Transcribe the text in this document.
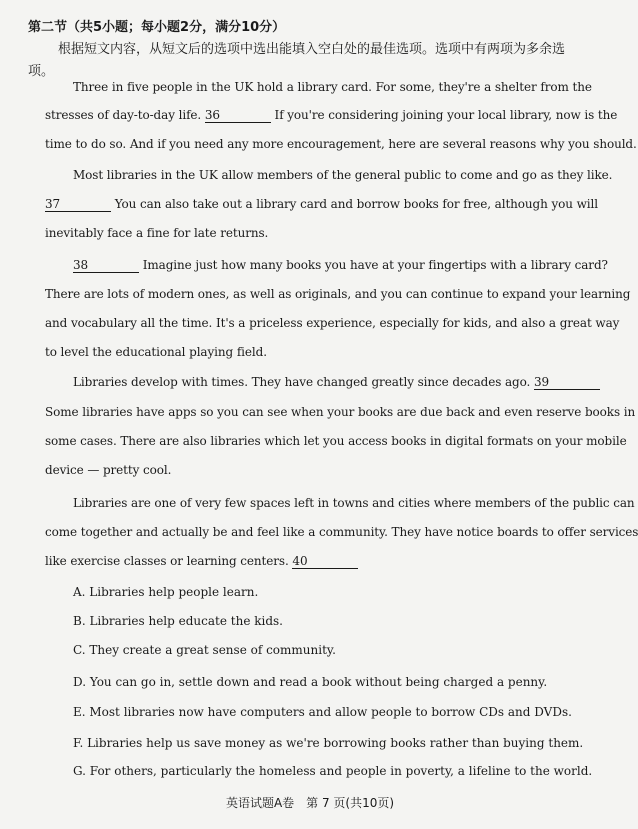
第二节（共5小题；每小题2分，满分10分）
根据短文内容，从短文后的选项中选出能填入空白处的最佳选项。选项中有两项为多余选项。
Three in five people in the UK hold a library card. For some, they're a shelter from the
stresses of day-to-day life. 36	If you're considering joining your local library, now is the
time to do so. And if you need any more encouragement, here are several reasons why you should.
Most libraries in the UK allow members of the general public to come and go as they like.
37	You can also take out a library card and borrow books for free, although you will
inevitably face a fine for late returns.
38	Imagine just how many books you have at your fingertips with a library card?
There are lots of modern ones, as well as originals, and you can continue to expand your learning
and vocabulary all the time. It's a priceless experience, especially for kids, and also a great way
to level the educational playing field.
Libraries develop with times. They have changed greatly since decades ago. 39
Some libraries have apps so you can see when your books are due back and even reserve books in
some cases. There are also libraries which let you access books in digital formats on your mobile
device — pretty cool.
Libraries are one of very few spaces left in towns and cities where members of the public can
come together and actually be and feel like a community. They have notice boards to offer services
like exercise classes or learning centers. 40
A. Libraries help people learn.
B. Libraries help educate the kids.
C. They create a great sense of community.
D. You can go in, settle down and read a book without being charged a penny.
E. Most libraries now have computers and allow people to borrow CDs and DVDs.
F. Libraries help us save money as we're borrowing books rather than buying them.
G. For others, particularly the homeless and people in poverty, a lifeline to the world.
英语试题A卷　第 7 页(共10页)
